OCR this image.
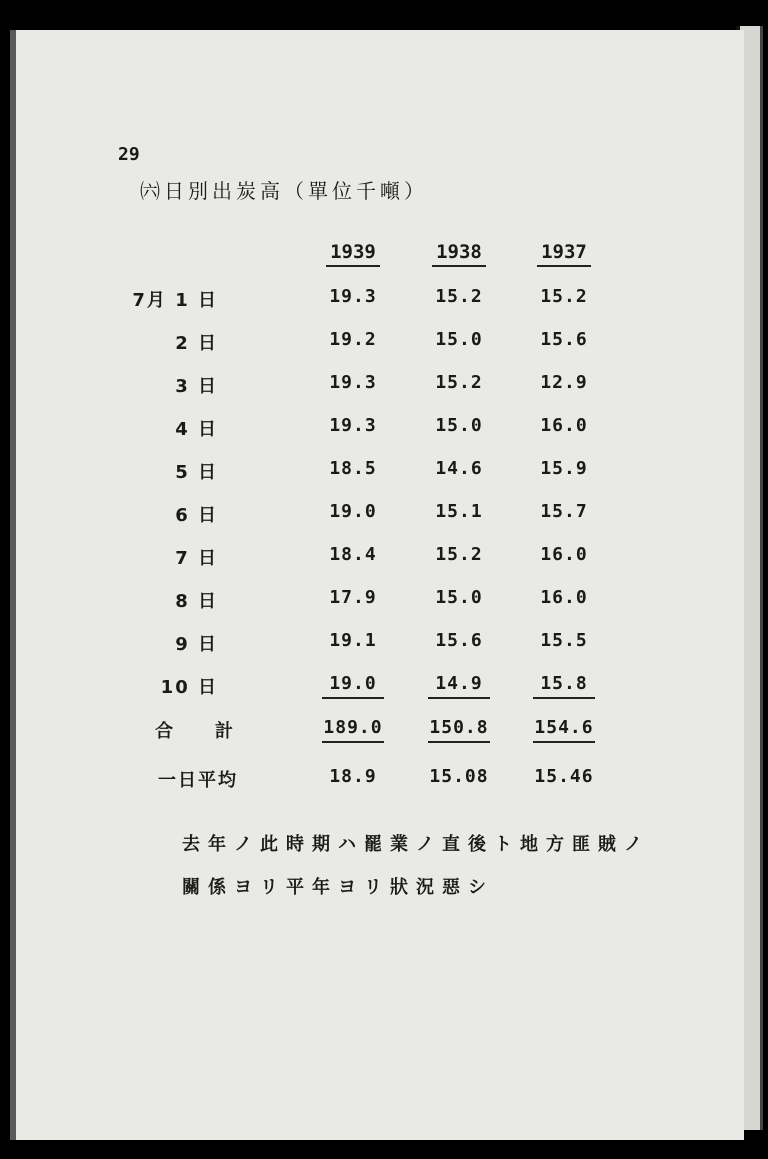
29
㈥日別出炭高（單位千噸）
1939	1938	1937
7月 1 日	19.3	15.2	15.2
2 日	19.2	15.0	15.6
3 日	19.3	15.2	12.9
4 日	19.3	15.0	16.0
5 日	18.5	14.6	15.9
6 日	19.0	15.1	15.7
7 日	18.4	15.2	16.0
8 日	17.9	15.0	16.0
9 日	19.1	15.6	15.5
10 日	19.0	14.9	15.8
合計	189.0	150.8	154.6
一日平均	18.9	15.08	15.46
去年ノ此時期ハ罷業ノ直後ト地方匪賊ノ
關係ヨリ平年ヨリ狀況惡シ
